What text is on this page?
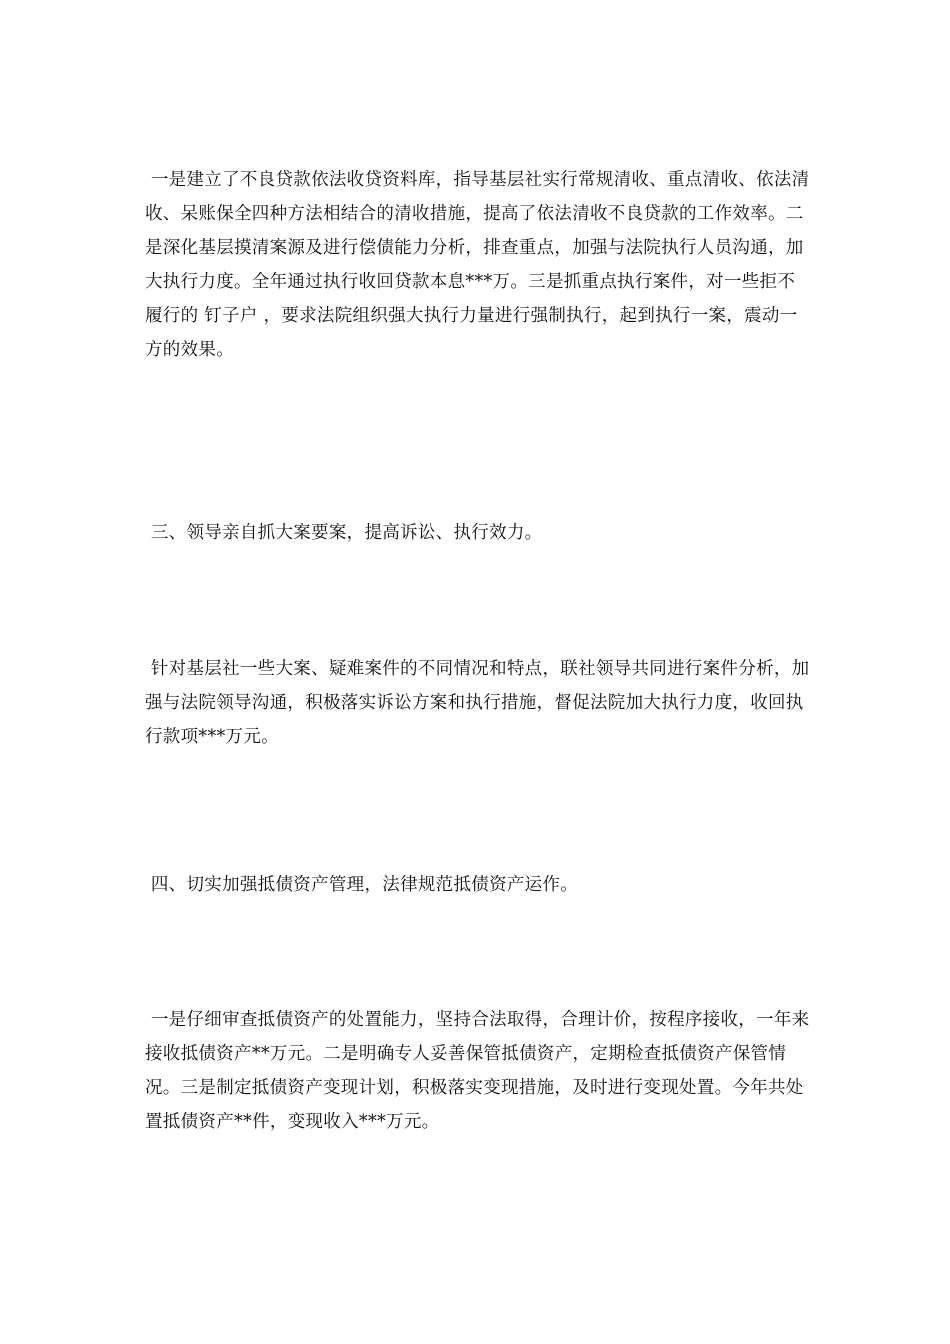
一是建立了不良贷款依法收贷资料库，指导基层社实行常规清收、重点清收、依法清收、呆账保全四种方法相结合的清收措施，提高了依法清收不良贷款的工作效率。二是深化基层摸清案源及进行偿债能力分析，排查重点，加强与法院执行人员沟通，加大执行力度。全年通过执行收回贷款本息***万。三是抓重点执行案件，对一些拒不履行的 钉子户 ，要求法院组织强大执行力量进行强制执行，起到执行一案，震动一方的效果。

三、领导亲自抓大案要案，提高诉讼、执行效力。

针对基层社一些大案、疑难案件的不同情况和特点，联社领导共同进行案件分析，加强与法院领导沟通，积极落实诉讼方案和执行措施，督促法院加大执行力度，收回执行款项***万元。

四、切实加强抵债资产管理，法律规范抵债资产运作。

一是仔细审查抵债资产的处置能力，坚持合法取得，合理计价，按程序接收，一年来接收抵债资产**万元。二是明确专人妥善保管抵债资产，定期检查抵债资产保管情况。三是制定抵债资产变现计划，积极落实变现措施，及时进行变现处置。今年共处置抵债资产**件，变现收入***万元。
